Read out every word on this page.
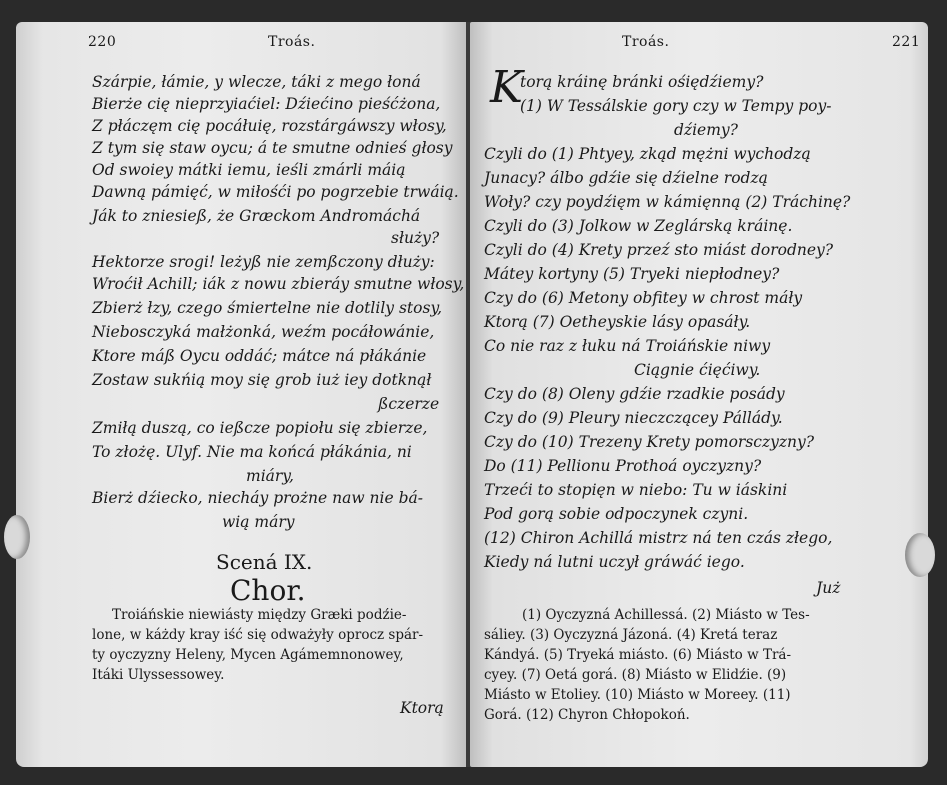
220	Troás.
Szárpie, łámie, y wlecze, táki z mego łoná
Bierże cię nieprzyiaćiel: Dźiećino pieśćżona,
Z płáczęm cię pocáłuię, rozstárgáwszy włosy,
Z tym się staw oycu; á te smutne odnieś głosy
Od swoiey mátki iemu, ieśli zmárli máią
Dawną pámięć, w miłośći po pogrzebie trwáią.
Ják to zniesieß, że Græckom Andromáchá
służy?
Hektorze srogi! leżyß nie zemßczony dłuży:
Wroćił Achill; iák z nowu zbieráy smutne włosy,
Zbierż łzy, czego śmiertelne nie dotlily stosy,
Niebosczyká małżonká, weźm pocáłowánie,
Ktore máß Oycu oddáć; mátce ná płákánie
Zostaw sukńią moy się grob iuż iey dotknął
ßczerze
Zmiłą duszą, co ießcze popiołu się zbierze,
To złożę. Ulyf. Nie ma końcá płákánia, ni
miáry,
Bierż dźiecko, niecháy prożne naw nie bá-
wią máry
Scená IX.
Chor.
Troiáńskie niewiásty między Græki podźie-
lone, w káżdy kray iść się odważyły oprocz spár-
ty oyczyzny Heleny, Mycen Agámemnonowey,
Itáki Ulyssessowey.
Ktorą
Troás.	221
K
torą kráinę bránki ośiędźiemy?
(1) W Tessálskie gory czy w Tempy poy-
dźiemy?
Czyli do (1) Phtyey, zkąd mężni wychodzą
Junacy? álbo gdźie się dźielne rodzą
Woły? czy poydźięm w kámięnną (2) Tráchinę?
Czyli do (3) Jolkow w Zeglárską kráinę.
Czyli do (4) Krety przeź sto miást dorodney?
Mátey kortyny (5) Tryeki niepłodney?
Czy do (6) Metony obfitey w chrost máły
Ktorą (7) Oetheyskie lásy opasáły.
Co nie raz z łuku ná Troiáńskie niwy
Ciągnie ćięćiwy.
Czy do (8) Oleny gdźie rzadkie posády
Czy do (9) Pleury nieczczącey Pállády.
Czy do (10) Trezeny Krety pomorsczyzny?
Do (11) Pellionu Prothoá oyczyzny?
Trzeći to stopięn w niebo: Tu w iáskini
Pod gorą sobie odpoczynek czyni.
(12) Chiron Achillá mistrz ná ten czás złego,
Kiedy ná lutni uczył gráwáć iego.
Już
(1) Oyczyzná Achillessá. (2) Miásto w Tes-
sáliey. (3) Oyczyzná Jázoná. (4) Kretá teraz
Kándyá. (5) Tryeká miásto. (6) Miásto w Trá-
cyey. (7) Oetá gorá. (8) Miásto w Elidźie. (9)
Miásto w Etoliey. (10) Miásto w Moreey. (11)
Gorá. (12) Chyron Chłopokoń.
